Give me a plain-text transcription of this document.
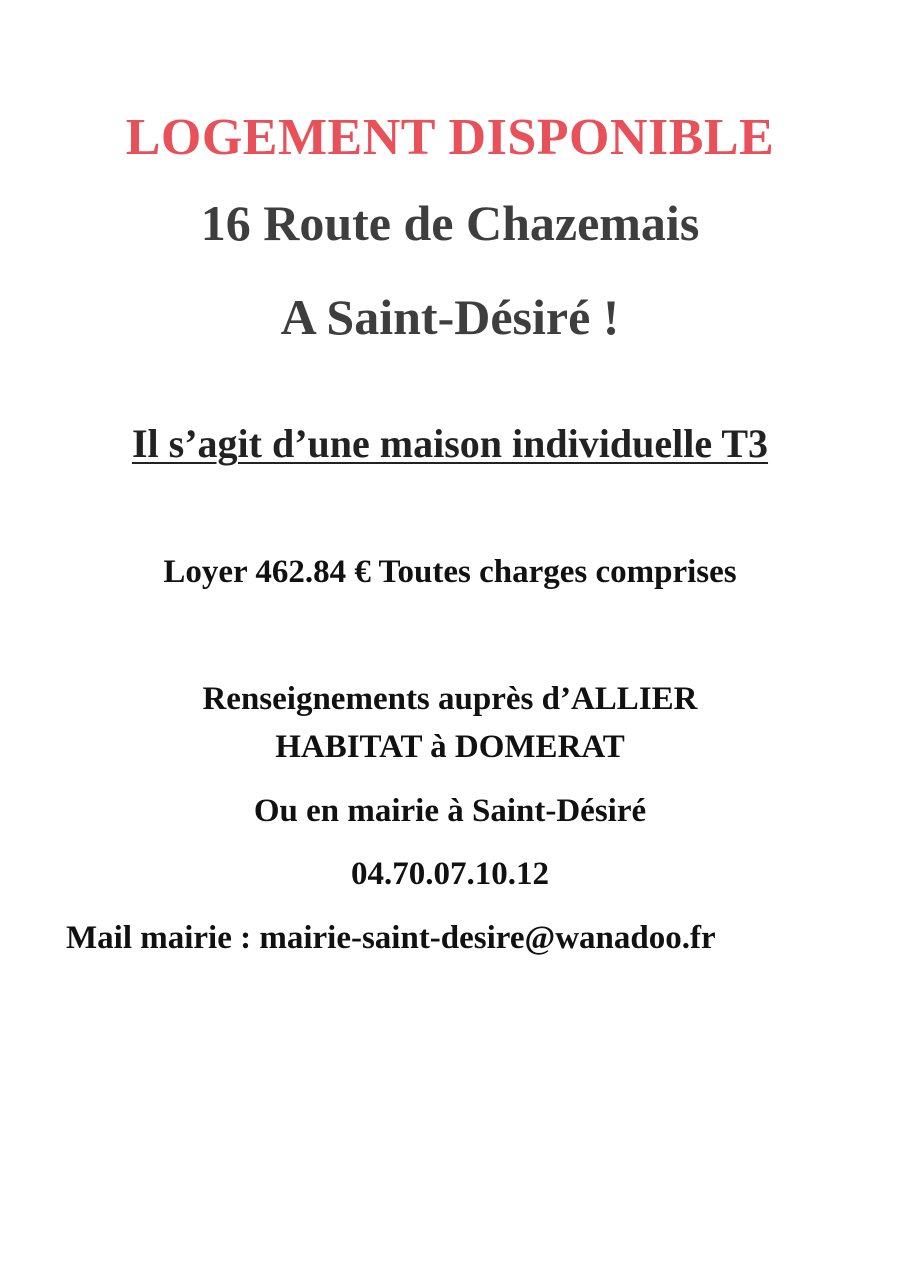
LOGEMENT DISPONIBLE
16 Route de Chazemais
A Saint-Désiré !
Il s’agit d’une maison individuelle T3
Loyer 462.84 € Toutes charges comprises
Renseignements auprès d’ALLIER
HABITAT à DOMERAT
Ou en mairie à Saint-Désiré
04.70.07.10.12
Mail mairie : mairie-saint-desire@wanadoo.fr
